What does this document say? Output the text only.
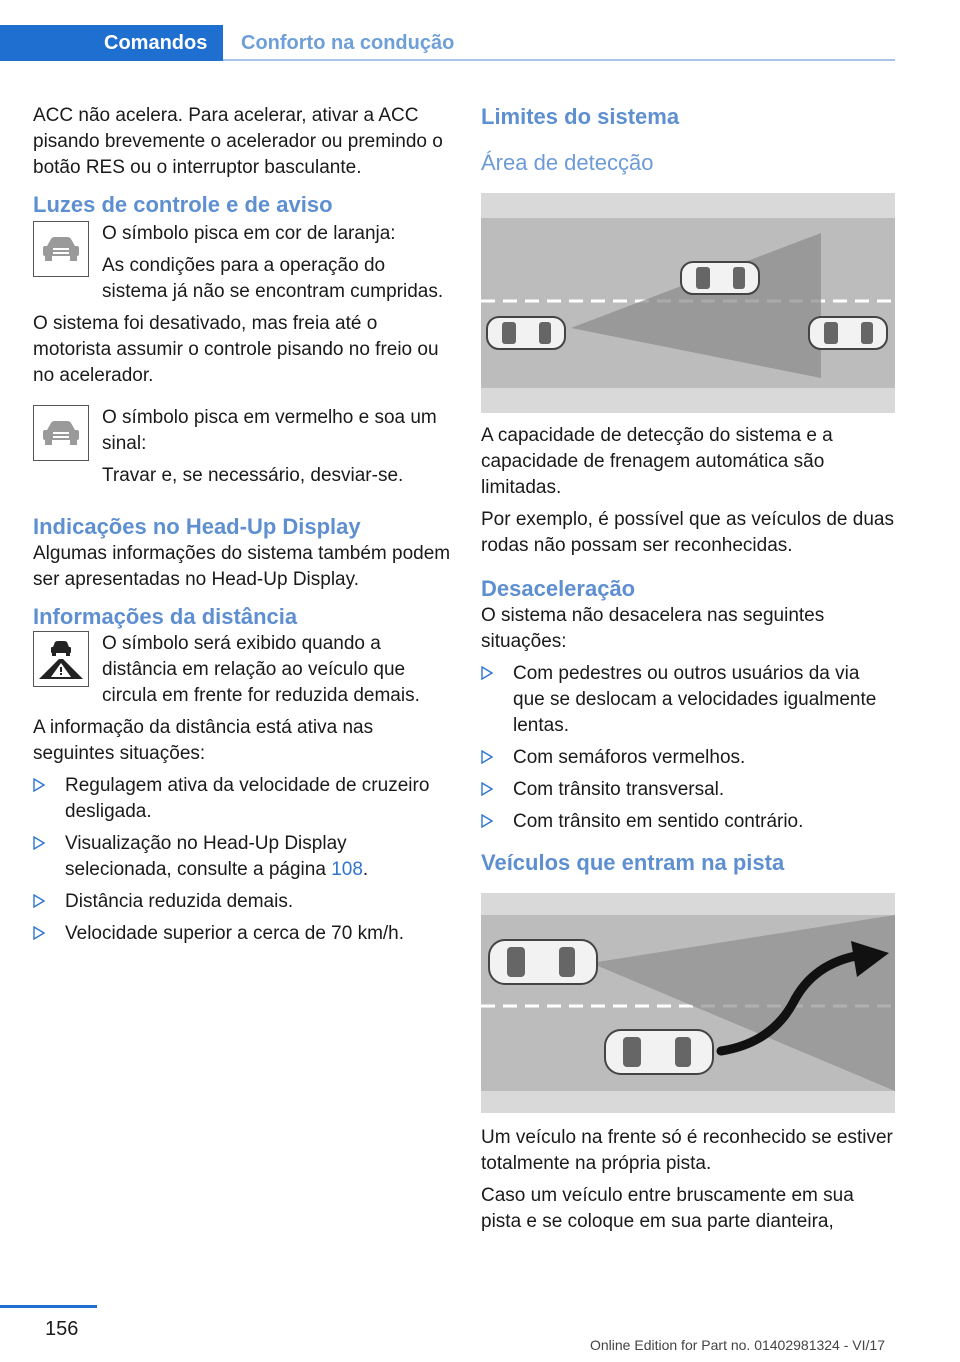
Comandos Conforto na condução

ACC não acelera. Para acelerar, ativar a ACC pisando brevemente o acelerador ou premindo o botão RES ou o interruptor basculante.

Luzes de controle e de aviso

O símbolo pisca em cor de laranja:

As condições para a operação do sistema já não se encontram cumpridas.

O sistema foi desativado, mas freia até o motorista assumir o controle pisando no freio ou no acelerador.

O símbolo pisca em vermelho e soa um sinal:

Travar e, se necessário, desviar-se.

Indicações no Head-Up Display

Algumas informações do sistema também podem ser apresentadas no Head-Up Display.

Informações da distância

O símbolo será exibido quando a distância em relação ao veículo que circula em frente for reduzida demais.

A informação da distância está ativa nas seguintes situações:

Regulagem ativa da velocidade de cruzeiro desligada.
Visualização no Head-Up Display selecionada, consulte a página 108.
Distância reduzida demais.
Velocidade superior a cerca de 70 km/h.
Limites do sistema
Área de detecção

A capacidade de detecção do sistema e a capacidade de frenagem automática são limitadas.

Por exemplo, é possível que as veículos de duas rodas não possam ser reconhecidas.

Desaceleração

O sistema não desacelera nas seguintes situações:

Com pedestres ou outros usuários da via que se deslocam a velocidades igualmente lentas.
Com semáforos vermelhos.
Com trânsito transversal.
Com trânsito em sentido contrário.
Veículos que entram na pista

Um veículo na frente só é reconhecido se estiver totalmente na própria pista.

Caso um veículo entre bruscamente em sua pista e se coloque em sua parte dianteira,

156
Online Edition for Part no. 01402981324 - VI/17
